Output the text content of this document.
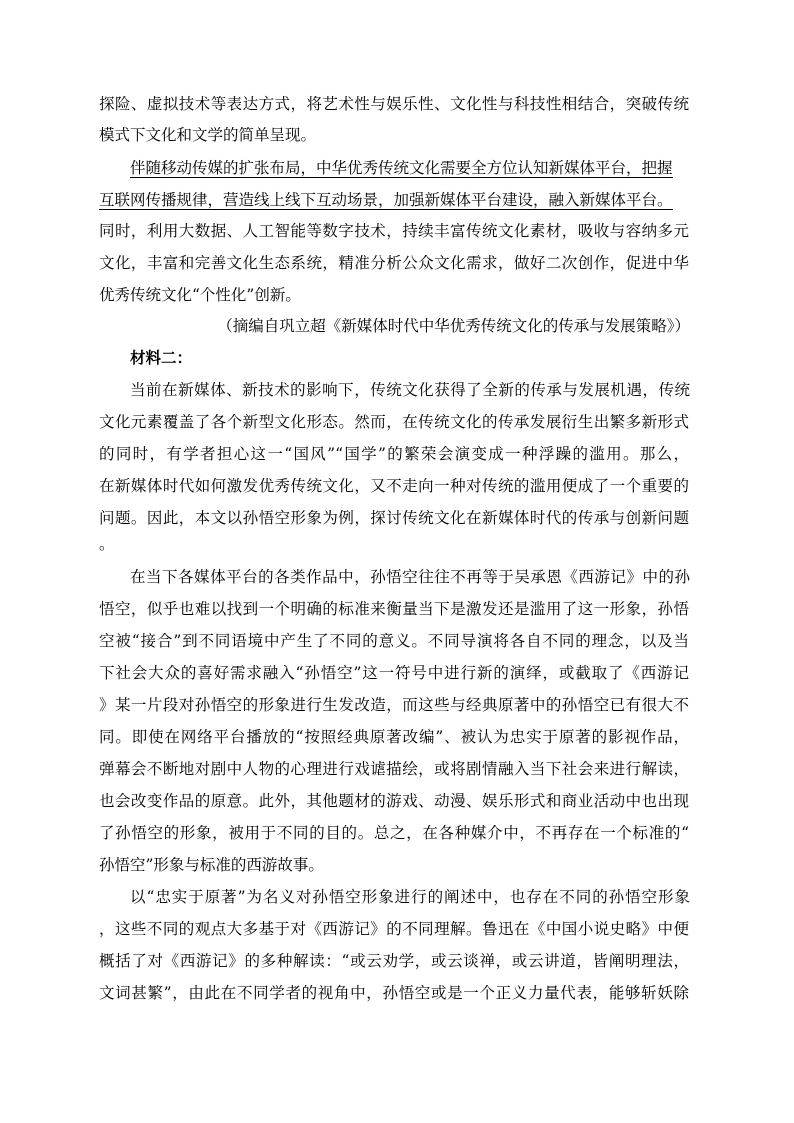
探险、虚拟技术等表达方式，将艺术性与娱乐性、文化性与科技性相结合，突破传统
模式下文化和文学的简单呈现。
伴随移动传媒的扩张布局，中华优秀传统文化需要全方位认知新媒体平台，把握
互联网传播规律，营造线上线下互动场景，加强新媒体平台建设，融入新媒体平台。
同时，利用大数据、人工智能等数字技术，持续丰富传统文化素材，吸收与容纳多元
文化，丰富和完善文化生态系统，精准分析公众文化需求，做好二次创作，促进中华
优秀传统文化“个性化”创新。
（摘编自巩立超《新媒体时代中华优秀传统文化的传承与发展策略》）
材料二：
当前在新媒体、新技术的影响下，传统文化获得了全新的传承与发展机遇，传统
文化元素覆盖了各个新型文化形态。然而，在传统文化的传承发展衍生出繁多新形式
的同时，有学者担心这一“国风”“国学”的繁荣会演变成一种浮躁的滥用。那么，
在新媒体时代如何激发优秀传统文化，又不走向一种对传统的滥用便成了一个重要的
问题。因此，本文以孙悟空形象为例，探讨传统文化在新媒体时代的传承与创新问题
。
在当下各媒体平台的各类作品中，孙悟空往往不再等于吴承恩《西游记》中的孙
悟空，似乎也难以找到一个明确的标准来衡量当下是激发还是滥用了这一形象，孙悟
空被“接合”到不同语境中产生了不同的意义。不同导演将各自不同的理念，以及当
下社会大众的喜好需求融入“孙悟空”这一符号中进行新的演绎，或截取了《西游记
》某一片段对孙悟空的形象进行生发改造，而这些与经典原著中的孙悟空已有很大不
同。即使在网络平台播放的“按照经典原著改编”、被认为忠实于原著的影视作品，
弹幕会不断地对剧中人物的心理进行戏谑描绘，或将剧情融入当下社会来进行解读，
也会改变作品的原意。此外，其他题材的游戏、动漫、娱乐形式和商业活动中也出现
了孙悟空的形象，被用于不同的目的。总之，在各种媒介中，不再存在一个标准的“
孙悟空”形象与标准的西游故事。
以“忠实于原著”为名义对孙悟空形象进行的阐述中，也存在不同的孙悟空形象
，这些不同的观点大多基于对《西游记》的不同理解。鲁迅在《中国小说史略》中便
概括了对《西游记》的多种解读：“或云劝学，或云谈禅，或云讲道，皆阐明理法，
文词甚繁”，由此在不同学者的视角中，孙悟空或是一个正义力量代表，能够斩妖除
